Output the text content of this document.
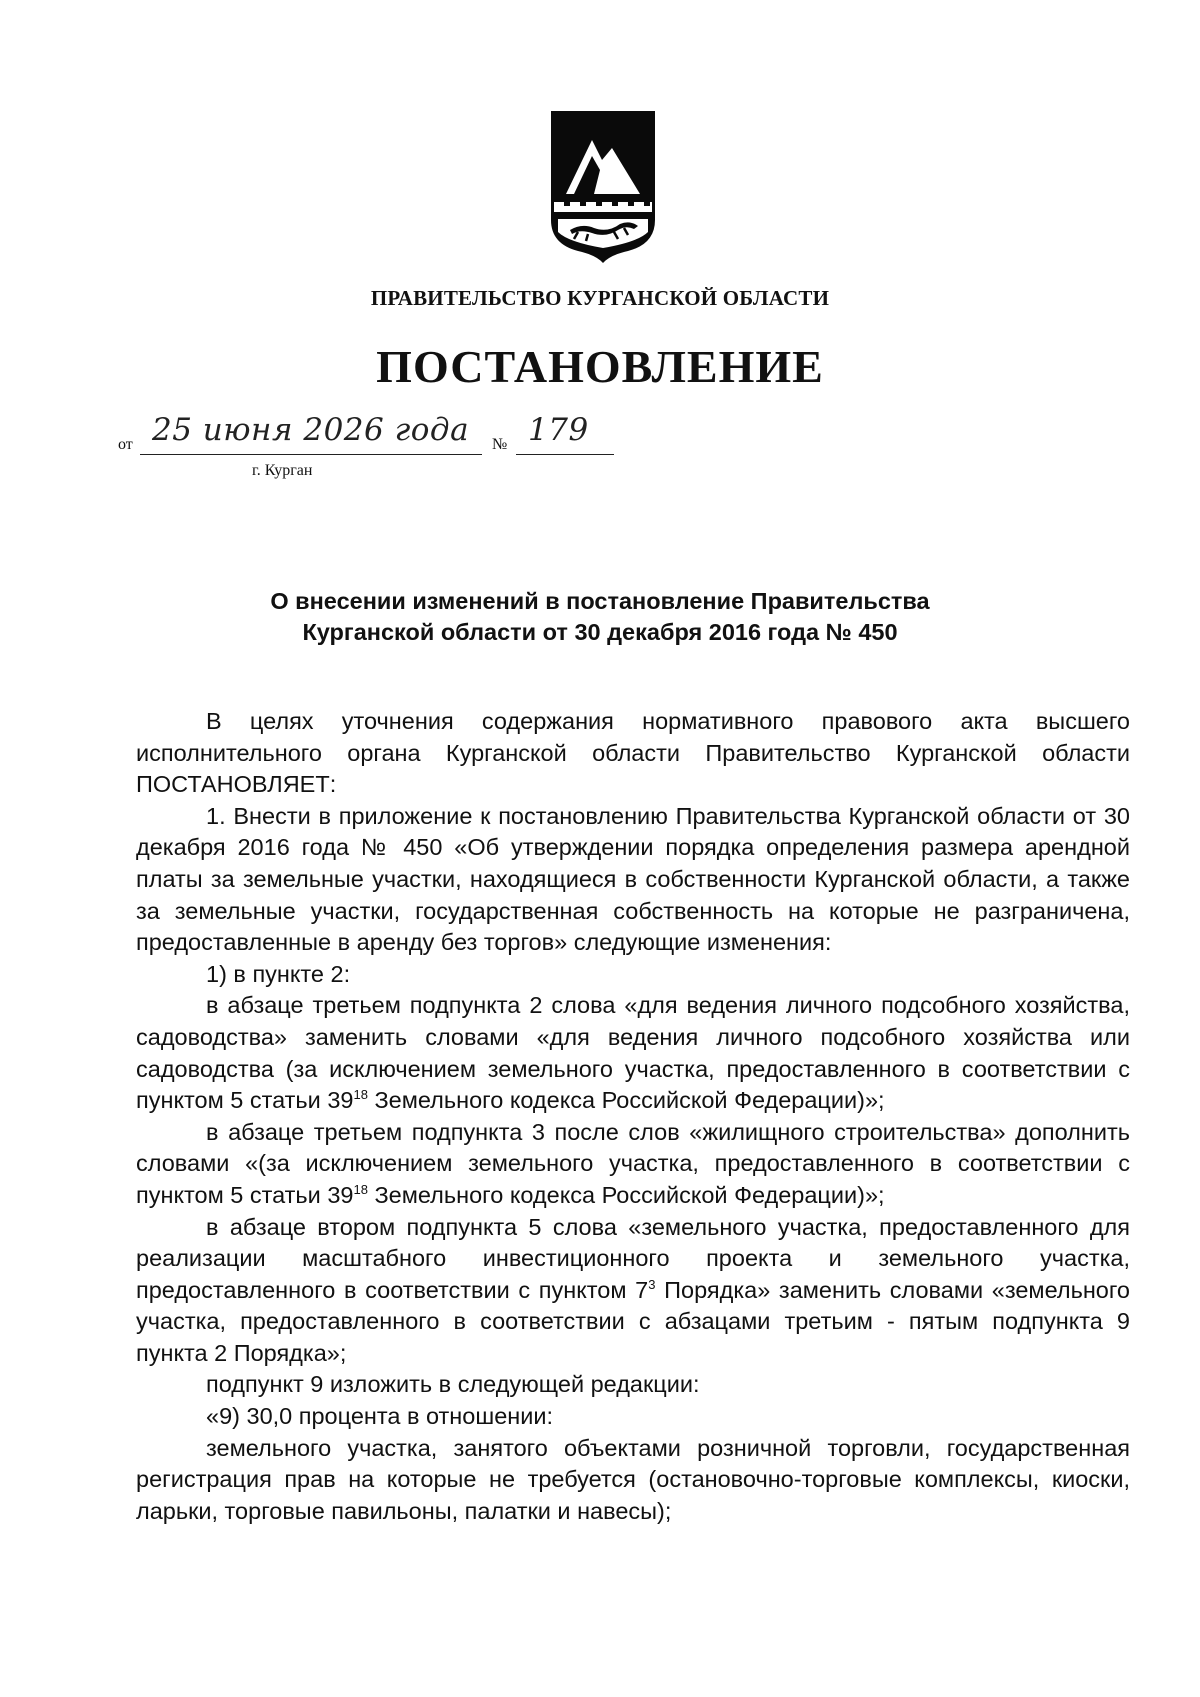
ПРАВИТЕЛЬСТВО КУРГАНСКОЙ ОБЛАСТИ
ПОСТАНОВЛЕНИЕ
от 25 июня 2026 года № 179
г. Курган
О внесении изменений в постановление Правительства
Курганской области от 30 декабря 2016 года № 450

В целях уточнения содержания нормативного правового акта высшего исполнительного органа Курганской области Правительство Курганской области ПОСТАНОВЛЯЕТ:

1. Внести в приложение к постановлению Правительства Курганской области от 30 декабря 2016 года № 450 «Об утверждении порядка определения размера арендной платы за земельные участки, находящиеся в собственности Курганской области, а также за земельные участки, государственная собственность на которые не разграничена, предоставленные в аренду без торгов» следующие изменения:

1) в пункте 2:

в абзаце третьем подпункта 2 слова «для ведения личного подсобного хозяйства, садоводства» заменить словами «для ведения личного подсобного хозяйства или садоводства (за исключением земельного участка, предоставленного в соответствии с пунктом 5 статьи $39^{18}$ Земельного кодекса Российской Федерации)»;

в абзаце третьем подпункта 3 после слов «жилищного строительства» дополнить словами «(за исключением земельного участка, предоставленного в соответствии с пунктом 5 статьи $39^{18}$ Земельного кодекса Российской Федерации)»;

в абзаце втором подпункта 5 слова «земельного участка, предоставленного для реализации масштабного инвестиционного проекта и земельного участка, предоставленного в соответствии с пунктом $7^3$ Порядка» заменить словами «земельного участка, предоставленного в соответствии с абзацами третьим - пятым подпункта 9 пункта 2 Порядка»;

подпункт 9 изложить в следующей редакции:

«9) 30,0 процента в отношении:

земельного участка, занятого объектами розничной торговли, государственная регистрация прав на которые не требуется (остановочно-торговые комплексы, киоски, ларьки, торговые павильоны, палатки и навесы);
